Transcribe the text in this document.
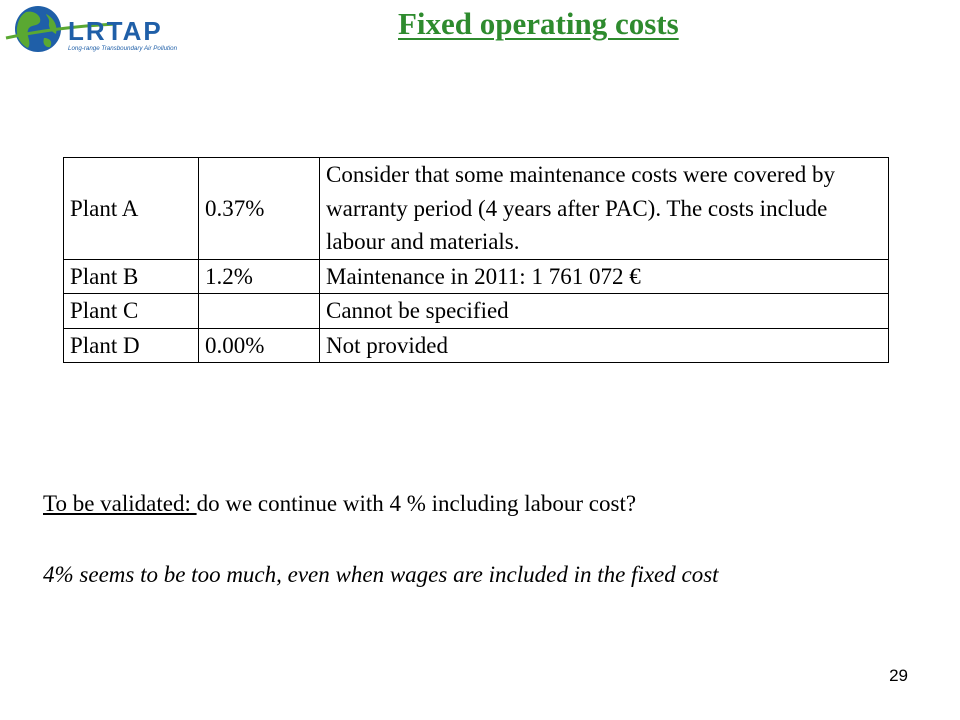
LRTAP
Long-range Transboundary Air Pollution
Fixed operating costs
Plant A	0.37%	Consider that some maintenance costs were covered by warranty period (4 years after PAC). The costs include labour and materials.
Plant B	1.2%	Maintenance in 2011: 1 761 072 €
Plant C		Cannot be specified
Plant D	0.00%	Not provided
To be validated: do we continue with 4 % including labour cost?
4% seems to be too much, even when wages are included in the fixed cost
29
